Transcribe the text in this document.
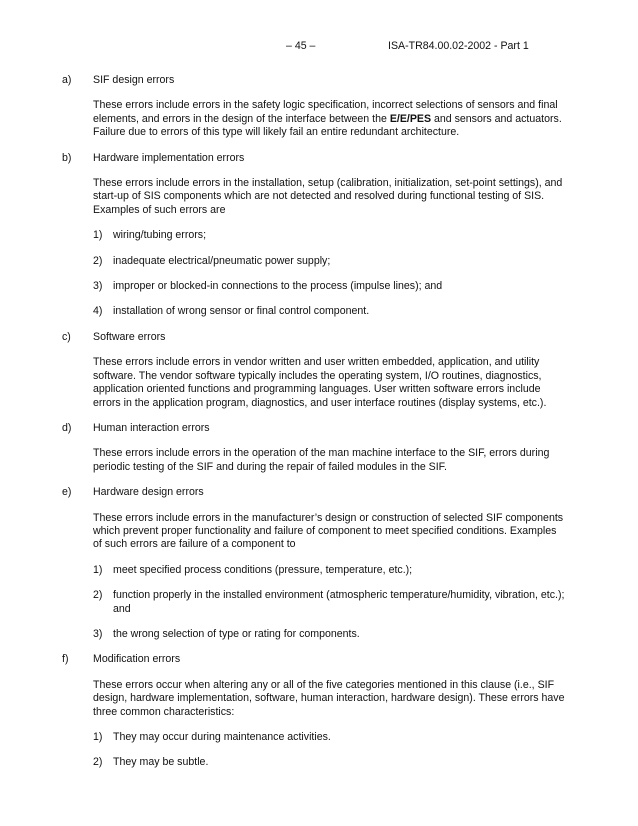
– 45 –	ISA-TR84.00.02-2002 - Part 1

a) SIF design errors

These errors include errors in the safety logic specification, incorrect selections of sensors and final elements, and errors in the design of the interface between the E/E/PES and sensors and actuators. Failure due to errors of this type will likely fail an entire redundant architecture.

b) Hardware implementation errors

These errors include errors in the installation, setup (calibration, initialization, set-point settings), and start-up of SIS components which are not detected and resolved during functional testing of SIS. Examples of such errors are

1) wiring/tubing errors;
2) inadequate electrical/pneumatic power supply;
3) improper or blocked-in connections to the process (impulse lines); and
4) installation of wrong sensor or final control component.

c) Software errors

These errors include errors in vendor written and user written embedded, application, and utility software. The vendor software typically includes the operating system, I/O routines, diagnostics, application oriented functions and programming languages. User written software errors include errors in the application program, diagnostics, and user interface routines (display systems, etc.).

d) Human interaction errors

These errors include errors in the operation of the man machine interface to the SIF, errors during periodic testing of the SIF and during the repair of failed modules in the SIF.

e) Hardware design errors

These errors include errors in the manufacturer’s design or construction of selected SIF components which prevent proper functionality and failure of component to meet specified conditions. Examples of such errors are failure of a component to

1) meet specified process conditions (pressure, temperature, etc.);
2) function properly in the installed environment (atmospheric temperature/humidity, vibration, etc.); and
3) the wrong selection of type or rating for components.

f) Modification errors

These errors occur when altering any or all of the five categories mentioned in this clause (i.e., SIF design, hardware implementation, software, human interaction, hardware design). These errors have three common characteristics:

1) They may occur during maintenance activities.
2) They may be subtle.
